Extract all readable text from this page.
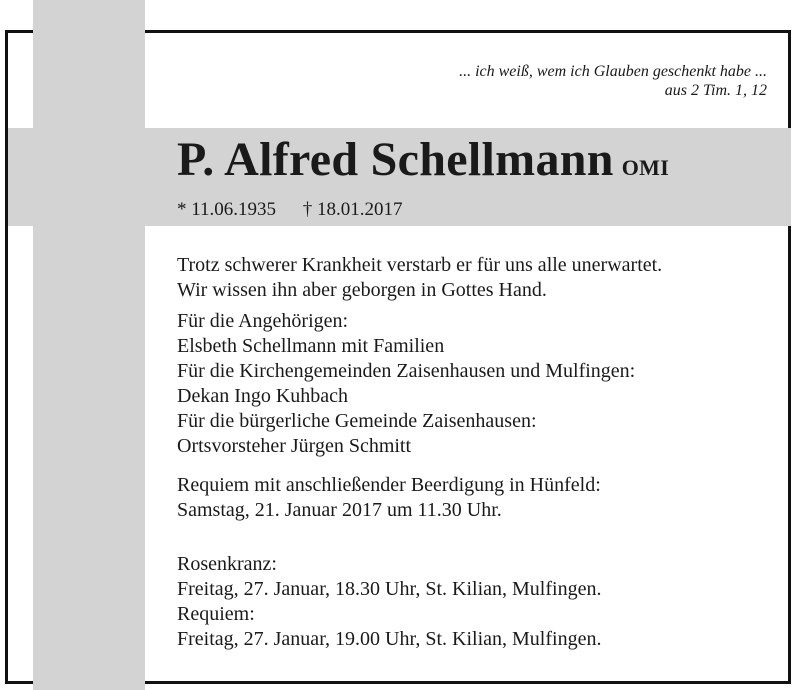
... ich weiß, wem ich Glauben geschenkt habe ...
aus 2 Tim. 1, 12
P. Alfred Schellmann OMI
* 11.06.1935 † 18.01.2017
Trotz schwerer Krankheit verstarb er für uns alle unerwartet.
Wir wissen ihn aber geborgen in Gottes Hand.
Für die Angehörigen:
Elsbeth Schellmann mit Familien
Für die Kirchengemeinden Zaisenhausen und Mulfingen:
Dekan Ingo Kuhbach
Für die bürgerliche Gemeinde Zaisenhausen:
Ortsvorsteher Jürgen Schmitt
Requiem mit anschließender Beerdigung in Hünfeld:
Samstag, 21. Januar 2017 um 11.30 Uhr.
Rosenkranz:
Freitag, 27. Januar, 18.30 Uhr, St. Kilian, Mulfingen.
Requiem:
Freitag, 27. Januar, 19.00 Uhr, St. Kilian, Mulfingen.
